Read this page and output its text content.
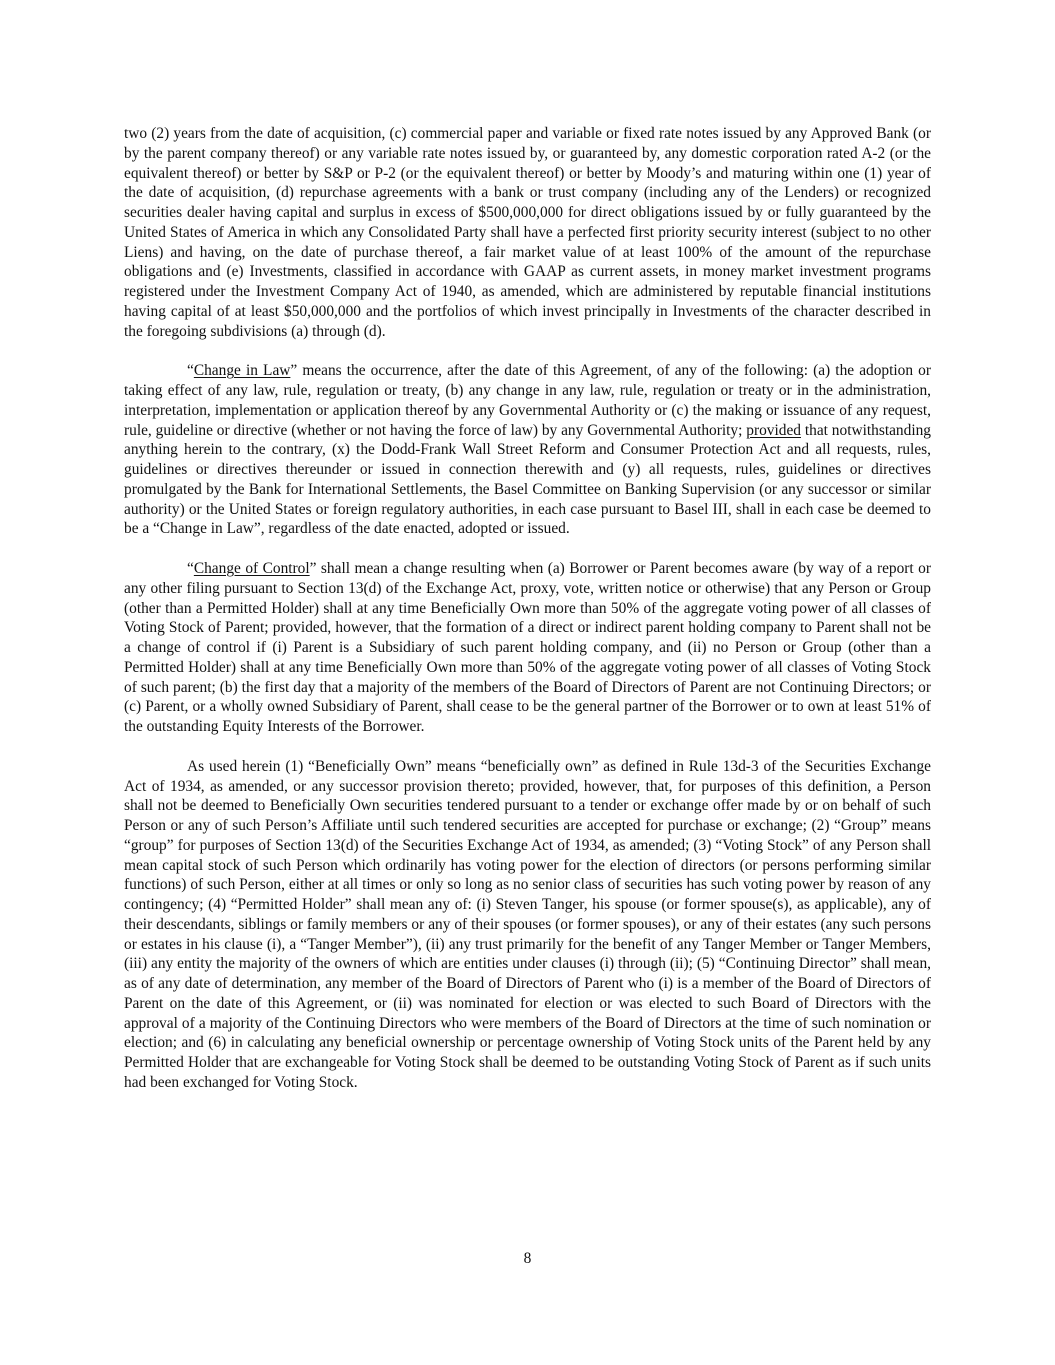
two (2) years from the date of acquisition, (c) commercial paper and variable or fixed rate notes issued by any Approved Bank (or by the parent company thereof) or any variable rate notes issued by, or guaranteed by, any domestic corporation rated A-2 (or the equivalent thereof) or better by S&P or P-2 (or the equivalent thereof) or better by Moody’s and maturing within one (1) year of the date of acquisition, (d) repurchase agreements with a bank or trust company (including any of the Lenders) or recognized securities dealer having capital and surplus in excess of $500,000,000 for direct obligations issued by or fully guaranteed by the United States of America in which any Consolidated Party shall have a perfected first priority security interest (subject to no other Liens) and having, on the date of purchase thereof, a fair market value of at least 100% of the amount of the repurchase obligations and (e) Investments, classified in accordance with GAAP as current assets, in money market investment programs registered under the Investment Company Act of 1940, as amended, which are administered by reputable financial institutions having capital of at least $50,000,000 and the portfolios of which invest principally in Investments of the character described in the foregoing subdivisions (a) through (d).

“Change in Law” means the occurrence, after the date of this Agreement, of any of the following: (a) the adoption or taking effect of any law, rule, regulation or treaty, (b) any change in any law, rule, regulation or treaty or in the administration, interpretation, implementation or application thereof by any Governmental Authority or (c) the making or issuance of any request, rule, guideline or directive (whether or not having the force of law) by any Governmental Authority; provided that notwithstanding anything herein to the contrary, (x) the Dodd-Frank Wall Street Reform and Consumer Protection Act and all requests, rules, guidelines or directives thereunder or issued in connection therewith and (y) all requests, rules, guidelines or directives promulgated by the Bank for International Settlements, the Basel Committee on Banking Supervision (or any successor or similar authority) or the United States or foreign regulatory authorities, in each case pursuant to Basel III, shall in each case be deemed to be a “Change in Law”, regardless of the date enacted, adopted or issued.

“Change of Control” shall mean a change resulting when (a) Borrower or Parent becomes aware (by way of a report or any other filing pursuant to Section 13(d) of the Exchange Act, proxy, vote, written notice or otherwise) that any Person or Group (other than a Permitted Holder) shall at any time Beneficially Own more than 50% of the aggregate voting power of all classes of Voting Stock of Parent; provided, however, that the formation of a direct or indirect parent holding company to Parent shall not be a change of control if (i) Parent is a Subsidiary of such parent holding company, and (ii) no Person or Group (other than a Permitted Holder) shall at any time Beneficially Own more than 50% of the aggregate voting power of all classes of Voting Stock of such parent; (b) the first day that a majority of the members of the Board of Directors of Parent are not Continuing Directors; or (c) Parent, or a wholly owned Subsidiary of Parent, shall cease to be the general partner of the Borrower or to own at least 51% of the outstanding Equity Interests of the Borrower.

As used herein (1) “Beneficially Own” means “beneficially own” as defined in Rule 13d-3 of the Securities Exchange Act of 1934, as amended, or any successor provision thereto; provided, however, that, for purposes of this definition, a Person shall not be deemed to Beneficially Own securities tendered pursuant to a tender or exchange offer made by or on behalf of such Person or any of such Person’s Affiliate until such tendered securities are accepted for purchase or exchange; (2) “Group” means “group” for purposes of Section 13(d) of the Securities Exchange Act of 1934, as amended; (3) “Voting Stock” of any Person shall mean capital stock of such Person which ordinarily has voting power for the election of directors (or persons performing similar functions) of such Person, either at all times or only so long as no senior class of securities has such voting power by reason of any contingency; (4) “Permitted Holder” shall mean any of: (i) Steven Tanger, his spouse (or former spouse(s), as applicable), any of their descendants, siblings or family members or any of their spouses (or former spouses), or any of their estates (any such persons or estates in his clause (i), a “Tanger Member”), (ii) any trust primarily for the benefit of any Tanger Member or Tanger Members, (iii) any entity the majority of the owners of which are entities under clauses (i) through (ii); (5) “Continuing Director” shall mean, as of any date of determination, any member of the Board of Directors of Parent who (i) is a member of the Board of Directors of Parent on the date of this Agreement, or (ii) was nominated for election or was elected to such Board of Directors with the approval of a majority of the Continuing Directors who were members of the Board of Directors at the time of such nomination or election; and (6) in calculating any beneficial ownership or percentage ownership of Voting Stock units of the Parent held by any Permitted Holder that are exchangeable for Voting Stock shall be deemed to be outstanding Voting Stock of Parent as if such units had been exchanged for Voting Stock.

8
